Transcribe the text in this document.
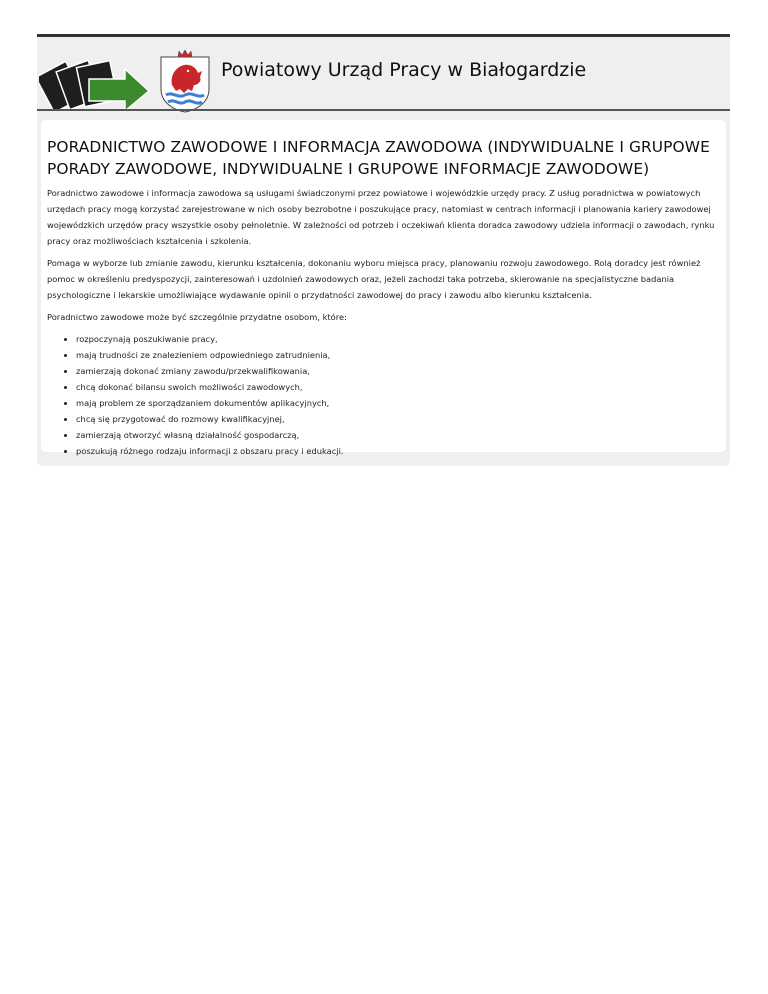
Powiatowy Urząd Pracy w Białogardzie
PORADNICTWO ZAWODOWE I INFORMACJA ZAWODOWA (INDYWIDUALNE I GRUPOWE PORADY ZAWODOWE, INDYWIDUALNE I GRUPOWE INFORMACJE ZAWODOWE)

Poradnictwo zawodowe i informacja zawodowa są usługami świadczonymi przez powiatowe i wojewódzkie urzędy pracy. Z usług poradnictwa w powiatowych urzędach pracy mogą korzystać zarejestrowane w nich osoby bezrobotne i poszukujące pracy, natomiast w centrach informacji i planowania kariery zawodowej wojewódzkich urzędów pracy wszystkie osoby pełnoletnie. W zależności od potrzeb i oczekiwań klienta doradca zawodowy udziela informacji o zawodach, rynku pracy oraz możliwościach kształcenia i szkolenia.

Pomaga w wyborze lub zmianie zawodu, kierunku kształcenia, dokonaniu wyboru miejsca pracy, planowaniu rozwoju zawodowego. Rolą doradcy jest również pomoc w określeniu predyspozycji, zainteresowań i uzdolnień zawodowych oraz, jeżeli zachodzi taka potrzeba, skierowanie na specjalistyczne badania psychologiczne i lekarskie umożliwiające wydawanie opinii o przydatności zawodowej do pracy i zawodu albo kierunku kształcenia.

Poradnictwo zawodowe może być szczególnie przydatne osobom, które:

• rozpoczynają poszukiwanie pracy,
• mają trudności ze znalezieniem odpowiedniego zatrudnienia,
• zamierzają dokonać zmiany zawodu/przekwalifikowania,
• chcą dokonać bilansu swoich możliwości zawodowych,
• mają problem ze sporządzaniem dokumentów aplikacyjnych,
• chcą się przygotować do rozmowy kwalifikacyjnej,
• zamierzają otworzyć własną działalność gospodarczą,
• poszukują różnego rodzaju informacji z obszaru pracy i edukacji.
